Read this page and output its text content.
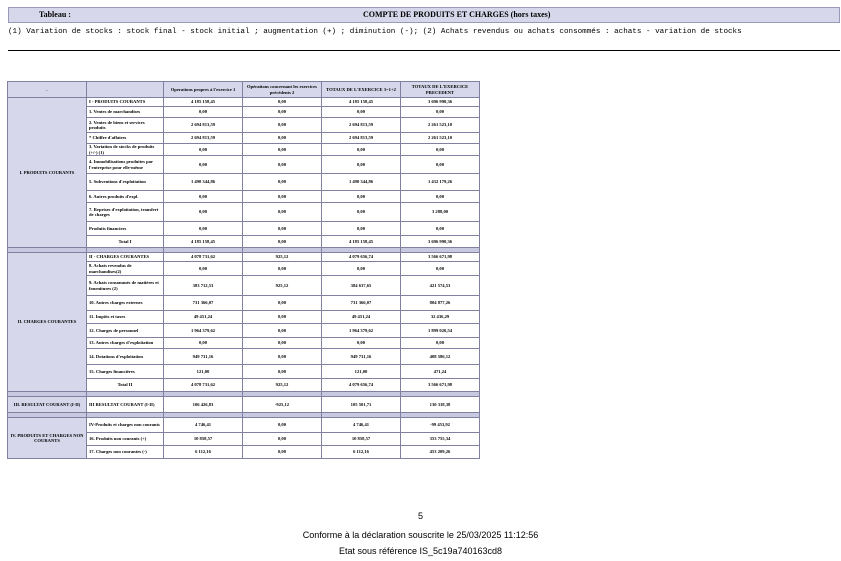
Tableau :	COMPTE DE PRODUITS ET CHARGES (hors taxes)
(1) Variation de stocks : stock final - stock initial ; augmentation (+) ; diminution (-); (2) Achats revendus ou achats consommés : achats - variation de stocks
.		Operations propres à l'exercice 1	Opérations concernant les exercices précédents 2	TOTAUX DE L'EXERCICE 3=1+2	TOTAUX DE L'EXERCICE PRECEDENT
I. PRODUITS COURANTS	I - PRODUITS COURANTS	4 185 158,45	0,00	4 185 158,45	3 696 990,36
	1. Ventes de marchandises	0,00	0,00	0,00	0,00
	2. Ventes de biens et services produits	2 694 813,59	0,00	2 694 813,59	2 261 523,10
	* Chiffre d'affaires	2 694 813,59	0,00	2 694 813,59	2 261 523,10
	3. Variation de stocks de produits (+/-) (1)	0,00	0,00	0,00	0,00
	4. Immobilisations produites par l'entreprise pour elle-même	0,00	0,00	0,00	0,00
	5. Subventions d'exploitation	1 490 344,86	0,00	1 490 344,86	1 432 179,26
	6. Autres produits d'expl.	0,00	0,00	0,00	0,00
	7. Reprises d'exploitation, transfert de charges	0,00	0,00	0,00	3 288,00
	Produits financiers	0,00	0,00	0,00	0,00
	Total I	4 185 158,45	0,00	4 185 158,45	3 696 990,36

II. CHARGES COURANTES	II - CHARGES COURANTES	4 078 731,62	925,12	4 079 656,74	3 566 671,98
	8. Achats revendus de marchandises(2)	0,00	0,00	0,00	0,00
	9. Achats consommés de matières et fournitures (2)	383 712,53	925,12	384 637,65	421 574,53
	10. Autres charges externes	731 366,07	0,00	731 366,07	804 877,26
	11. Impôts et taxes	49 451,24	0,00	49 451,24	32 436,29
	12. Charges de personnel	1 964 379,62	0,00	1 964 379,62	1 899 026,54
	13. Autres charges d'exploitation	0,00	0,00	0,00	0,00
	14. Dotations d'exploitation	949 731,16	0,00	949 731,16	408 586,12
	15. Charges financières	121,00	0,00	121,00	471,24
	Total II	4 078 731,62	925,12	4 079 656,74	3 566 671,98

III. RESULTAT COURANT (I-II)	III RESULTAT COURANT (I-II)	106 426,83	-925,12	105 501,71	130 318,38

IV. PRODUITS ET CHARGES NON COURANTS	IV-Produits et charges non courants	4 746,41	0,00	4 746,41	-99 453,92
	16. Produits non courants (+)	10 858,57	0,00	10 858,57	353 755,34
	17. Charges non courantes (-)	6 112,16	0,00	6 112,16	453 209,26
5
Conforme à la déclaration souscrite le 25/03/2025 11:12:56
Etat sous référence IS_5c19a740163cd8
